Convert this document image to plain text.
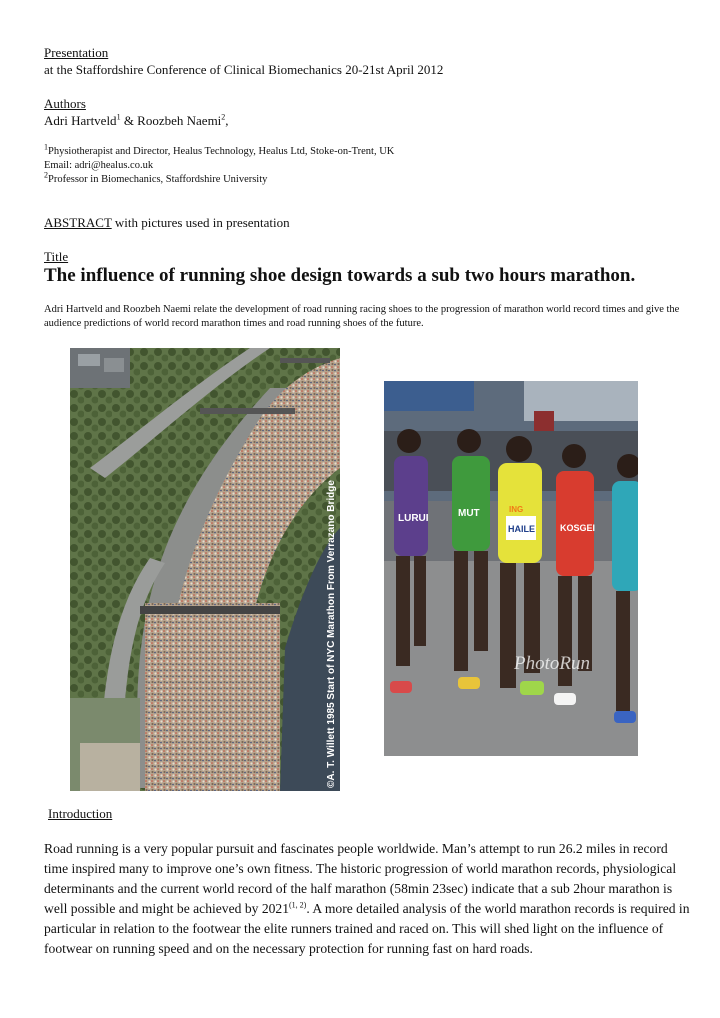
Presentation
at the Staffordshire Conference of Clinical Biomechanics 20-21st April 2012
Authors
Adri Hartveld$^1$ & Roozbeh Naemi$^2$,
$^1$Physiotherapist and Director, Healus Technology, Healus Ltd, Stoke-on-Trent, UK
Email: adri@healus.co.uk
$^2$Professor in Biomechanics, Staffordshire University
ABSTRACT with pictures used in presentation
Title
The influence of running shoe design towards a sub two hours marathon.
Adri Hartveld and Roozbeh Naemi relate the development of road running racing shoes to the progression of marathon world record times and give the audience predictions of world record marathon times and road running shoes of the future.
©A. T. Willett 1985 Start of NYC Marathon From Verrazano Bridge	LURUI	MUT	ING
HAILE	KOSGEI
PhotoRun
Introduction
Road running is a very popular pursuit and fascinates people worldwide. Man’s attempt to run 26.2 miles in record time inspired many to improve one’s own fitness. The historic progression of world marathon records, physiological determinants and the current world record of the half marathon (58min 23sec) indicate that a sub 2hour marathon is well possible and might be achieved by 2021$^{(1, 2)}$. A more detailed analysis of the world marathon records is required in particular in relation to the footwear the elite runners trained and raced on. This will shed light on the influence of footwear on running speed and on the necessary protection for running fast on hard roads.
